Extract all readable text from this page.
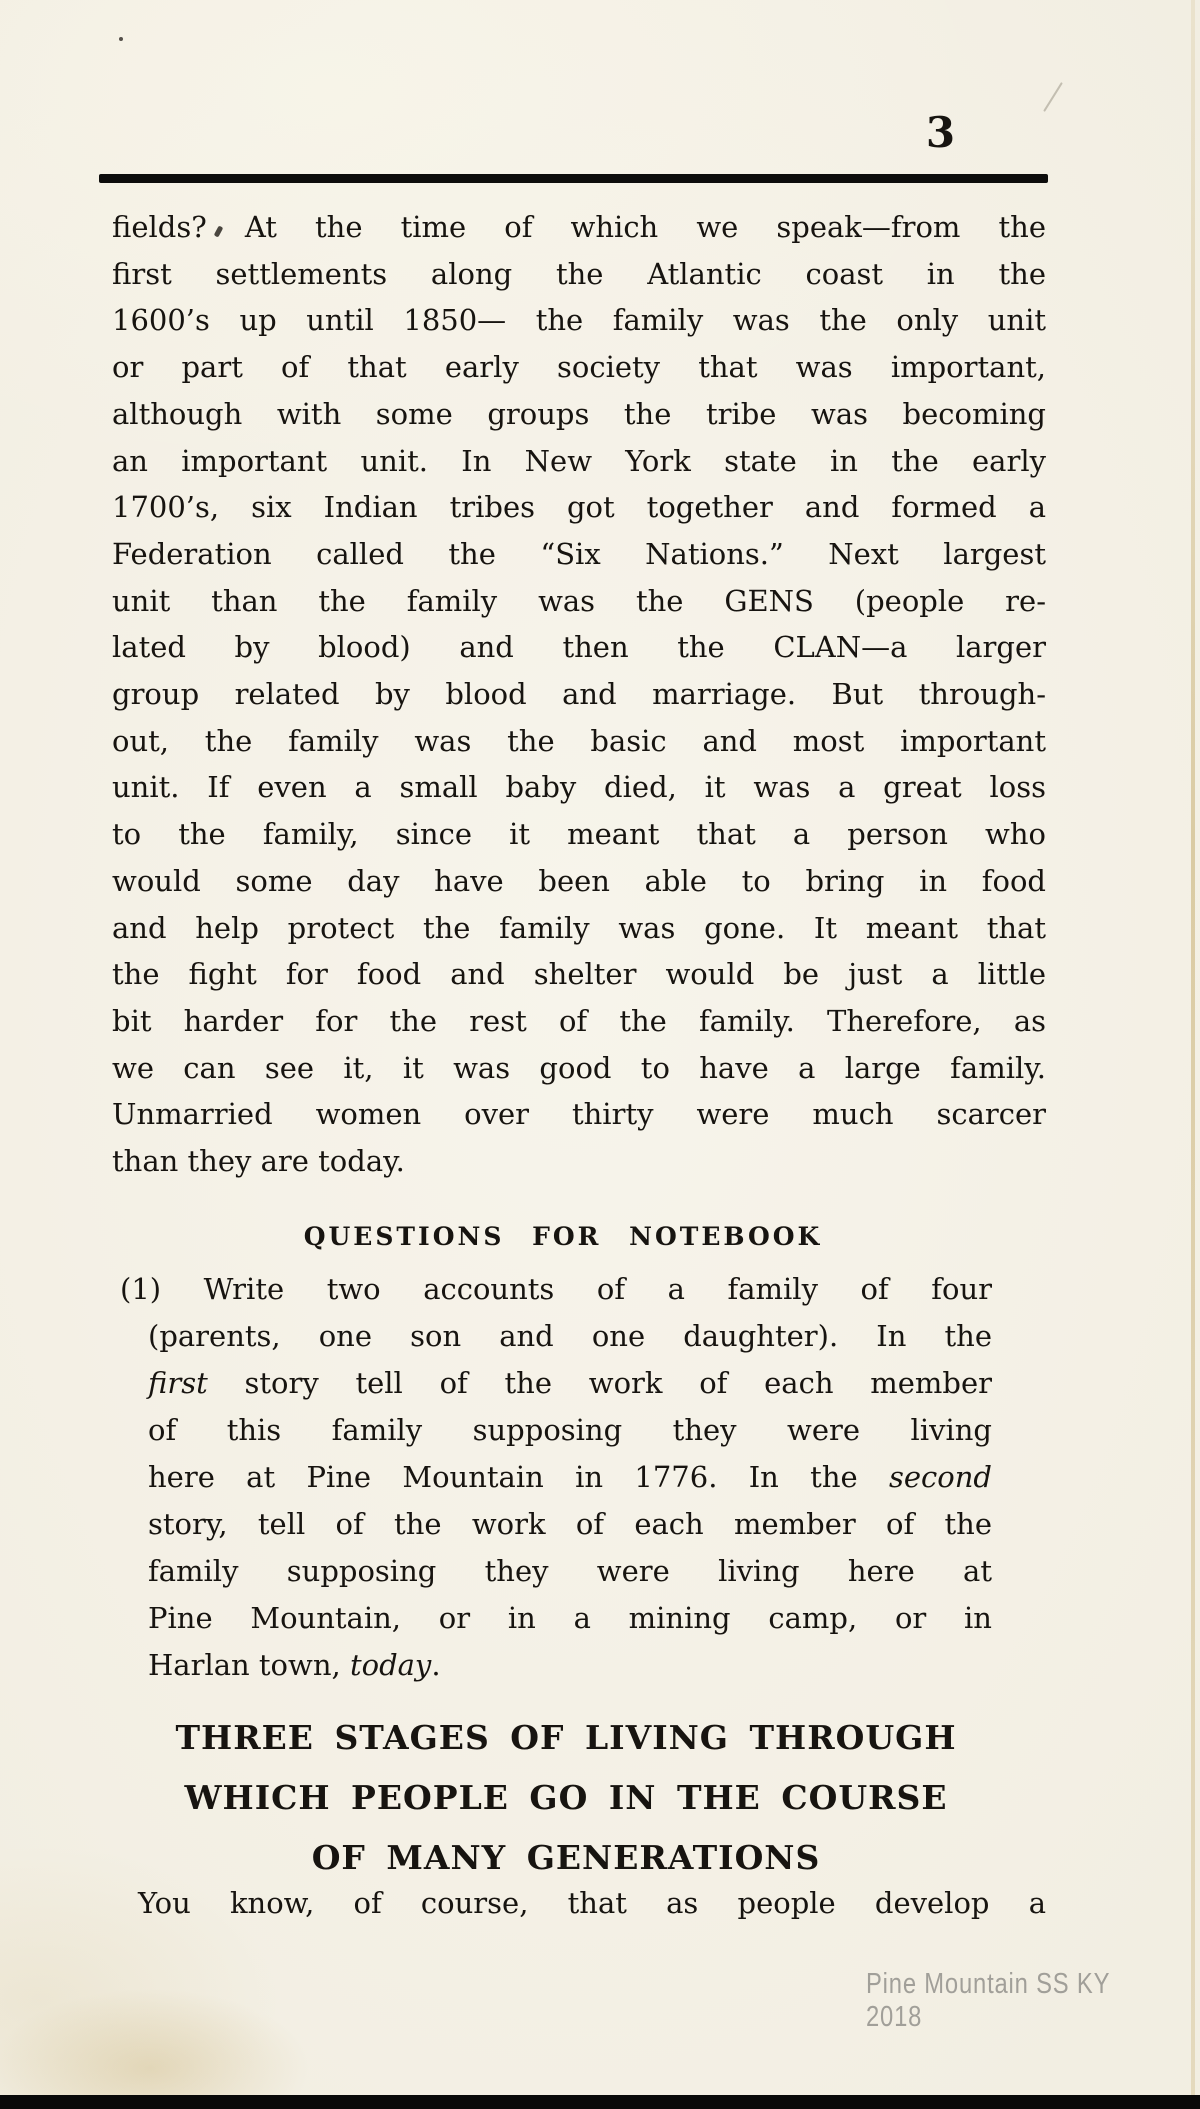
3
fields? At the time of which we speak—from the
first settlements along the Atlantic coast in the
1600’s up until 1850— the family was the only unit
or part of that early society that was important,
although with some groups the tribe was becoming
an important unit. In New York state in the early
1700’s, six Indian tribes got together and formed a
Federation called the “Six Nations.” Next largest
unit than the family was the GENS (people re-
lated by blood) and then the CLAN—a larger
group related by blood and marriage. But through-
out, the family was the basic and most important
unit. If even a small baby died, it was a great loss
to the family, since it meant that a person who
would some day have been able to bring in food
and help protect the family was gone. It meant that
the fight for food and shelter would be just a little
bit harder for the rest of the family. Therefore, as
we can see it, it was good to have a large family.
Unmarried women over thirty were much scarcer
than they are today.
QUESTIONS FOR NOTEBOOK
(1) Write two accounts of a family of four
(parents, one son and one daughter). In the
first story tell of the work of each member
of this family supposing they were living
here at Pine Mountain in 1776. In the second
story, tell of the work of each member of the
family supposing they were living here at
Pine Mountain, or in a mining camp, or in
Harlan town, today.
THREE STAGES OF LIVING THROUGH
WHICH PEOPLE GO IN THE COURSE
OF MANY GENERATIONS
You know, of course, that as people develop a
Pine Mountain SS KY 2018
